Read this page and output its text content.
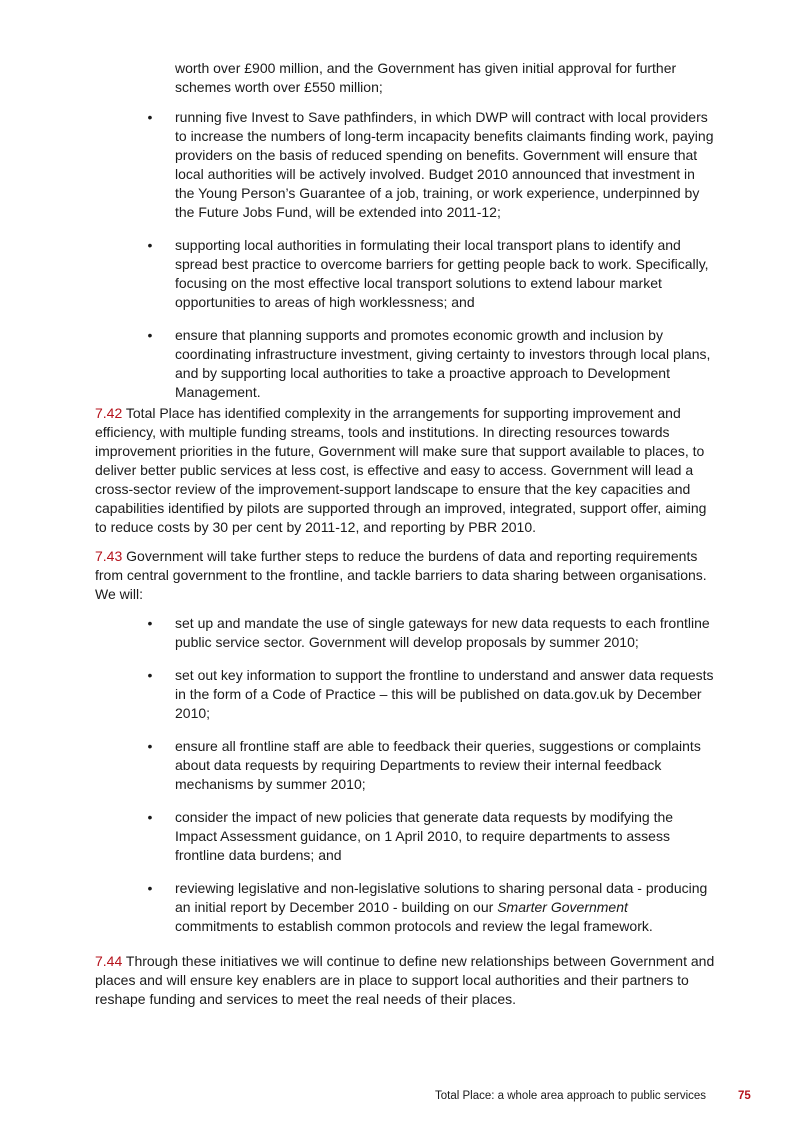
worth over £900 million, and the Government has given initial approval for further schemes worth over £550 million;

• running five Invest to Save pathfinders, in which DWP will contract with local providers to increase the numbers of long-term incapacity benefits claimants finding work, paying providers on the basis of reduced spending on benefits. Government will ensure that local authorities will be actively involved. Budget 2010 announced that investment in the Young Person’s Guarantee of a job, training, or work experience, underpinned by the Future Jobs Fund, will be extended into 2011-12;
• supporting local authorities in formulating their local transport plans to identify and spread best practice to overcome barriers for getting people back to work. Specifically, focusing on the most effective local transport solutions to extend labour market opportunities to areas of high worklessness; and
• ensure that planning supports and promotes economic growth and inclusion by coordinating infrastructure investment, giving certainty to investors through local plans, and by supporting local authorities to take a proactive approach to Development Management.

7.42 Total Place has identified complexity in the arrangements for supporting improvement and efficiency, with multiple funding streams, tools and institutions. In directing resources towards improvement priorities in the future, Government will make sure that support available to places, to deliver better public services at less cost, is effective and easy to access. Government will lead a cross-sector review of the improvement-support landscape to ensure that the key capacities and capabilities identified by pilots are supported through an improved, integrated, support offer, aiming to reduce costs by 30 per cent by 2011-12, and reporting by PBR 2010.

7.43 Government will take further steps to reduce the burdens of data and reporting requirements from central government to the frontline, and tackle barriers to data sharing between organisations. We will:

• set up and mandate the use of single gateways for new data requests to each frontline public service sector. Government will develop proposals by summer 2010;
• set out key information to support the frontline to understand and answer data requests in the form of a Code of Practice – this will be published on data.gov.uk by December 2010;
• ensure all frontline staff are able to feedback their queries, suggestions or complaints about data requests by requiring Departments to review their internal feedback mechanisms by summer 2010;
• consider the impact of new policies that generate data requests by modifying the Impact Assessment guidance, on 1 April 2010, to require departments to assess frontline data burdens; and
• reviewing legislative and non-legislative solutions to sharing personal data - producing an initial report by December 2010 - building on our Smarter Government commitments to establish common protocols and review the legal framework.

7.44 Through these initiatives we will continue to define new relationships between Government and places and will ensure key enablers are in place to support local authorities and their partners to reshape funding and services to meet the real needs of their places.

Total Place: a whole area approach to public services	75
